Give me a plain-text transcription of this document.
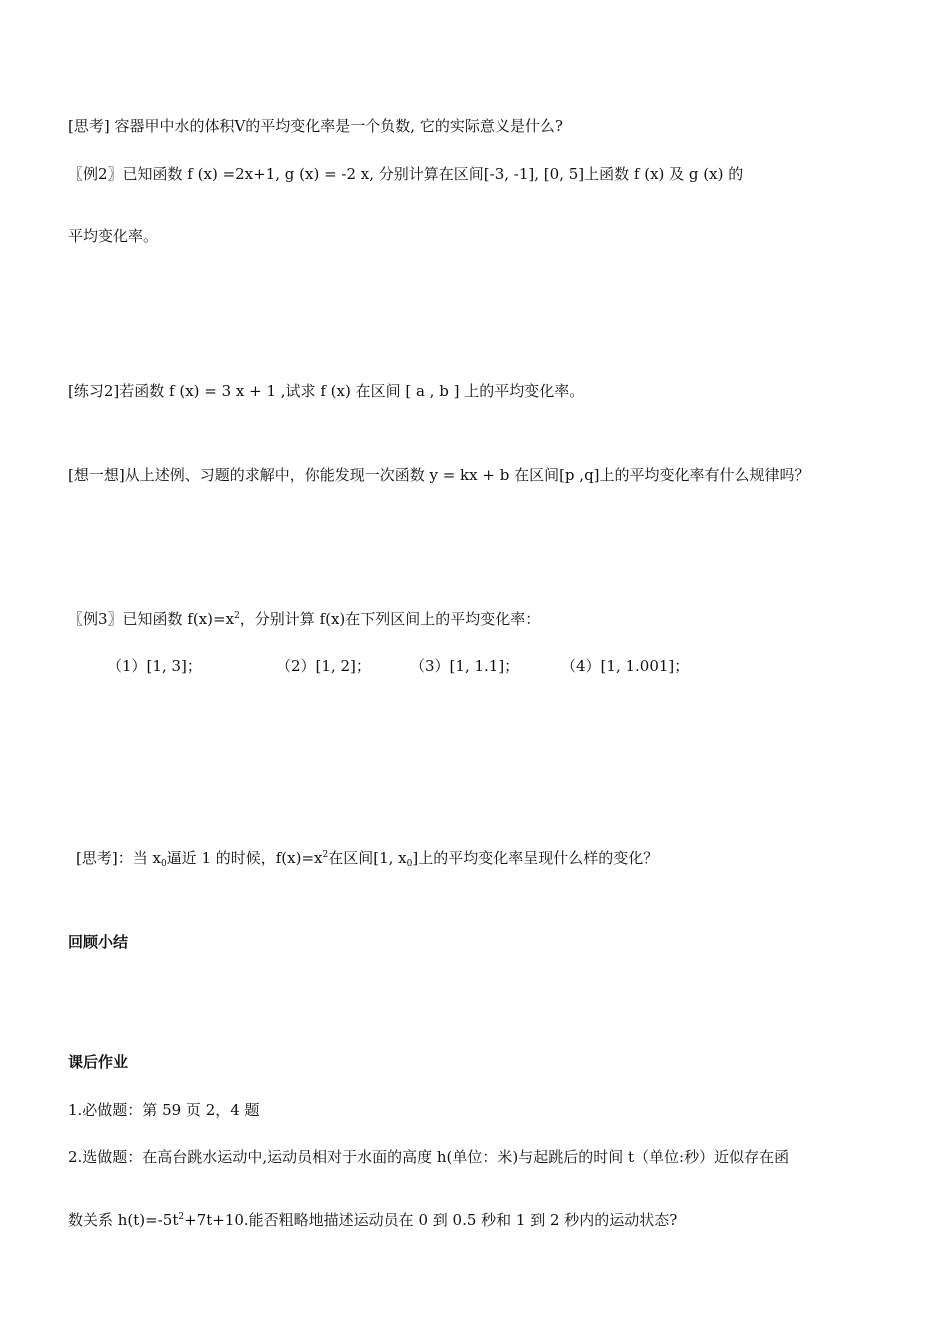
[思考] 容器甲中水的体积V的平均变化率是一个负数, 它的实际意义是什么?
〖例2〗已知函数 f (x) =2x+1, g (x) = -2 x, 分别计算在区间[-3, -1], [0, 5]上函数 f (x) 及 g (x) 的
平均变化率。
[练习2]若函数 f (x) = 3 x + 1 ,试求 f (x) 在区间 [ a , b ] 上的平均变化率。
[想一想]从上述例、习题的求解中，你能发现一次函数 y = kx + b 在区间[p ,q]上的平均变化率有什么规律吗？
〖例3〗已知函数 $f(x)=x^2$，分别计算 f(x)在下列区间上的平均变化率：
（1）[1, 3]；	（2）[1, 2]；	（3）[1, 1.1]；	（4）[1, 1.001]；
[思考]：当 $x_0$逼近 1 的时候，$f(x)=x^2$在区间[1, $x_0$]上的平均变化率呈现什么样的变化？
回顾小结
课后作业
1.必做题：第 59 页 2，4 题
2.选做题：在高台跳水运动中,运动员相对于水面的高度 h(单位：米)与起跳后的时间 t（单位:秒）近似存在函
数关系 $h(t)=-5t^2+7t+10$.能否粗略地描述运动员在 0 到 0.5 秒和 1 到 2 秒内的运动状态?
